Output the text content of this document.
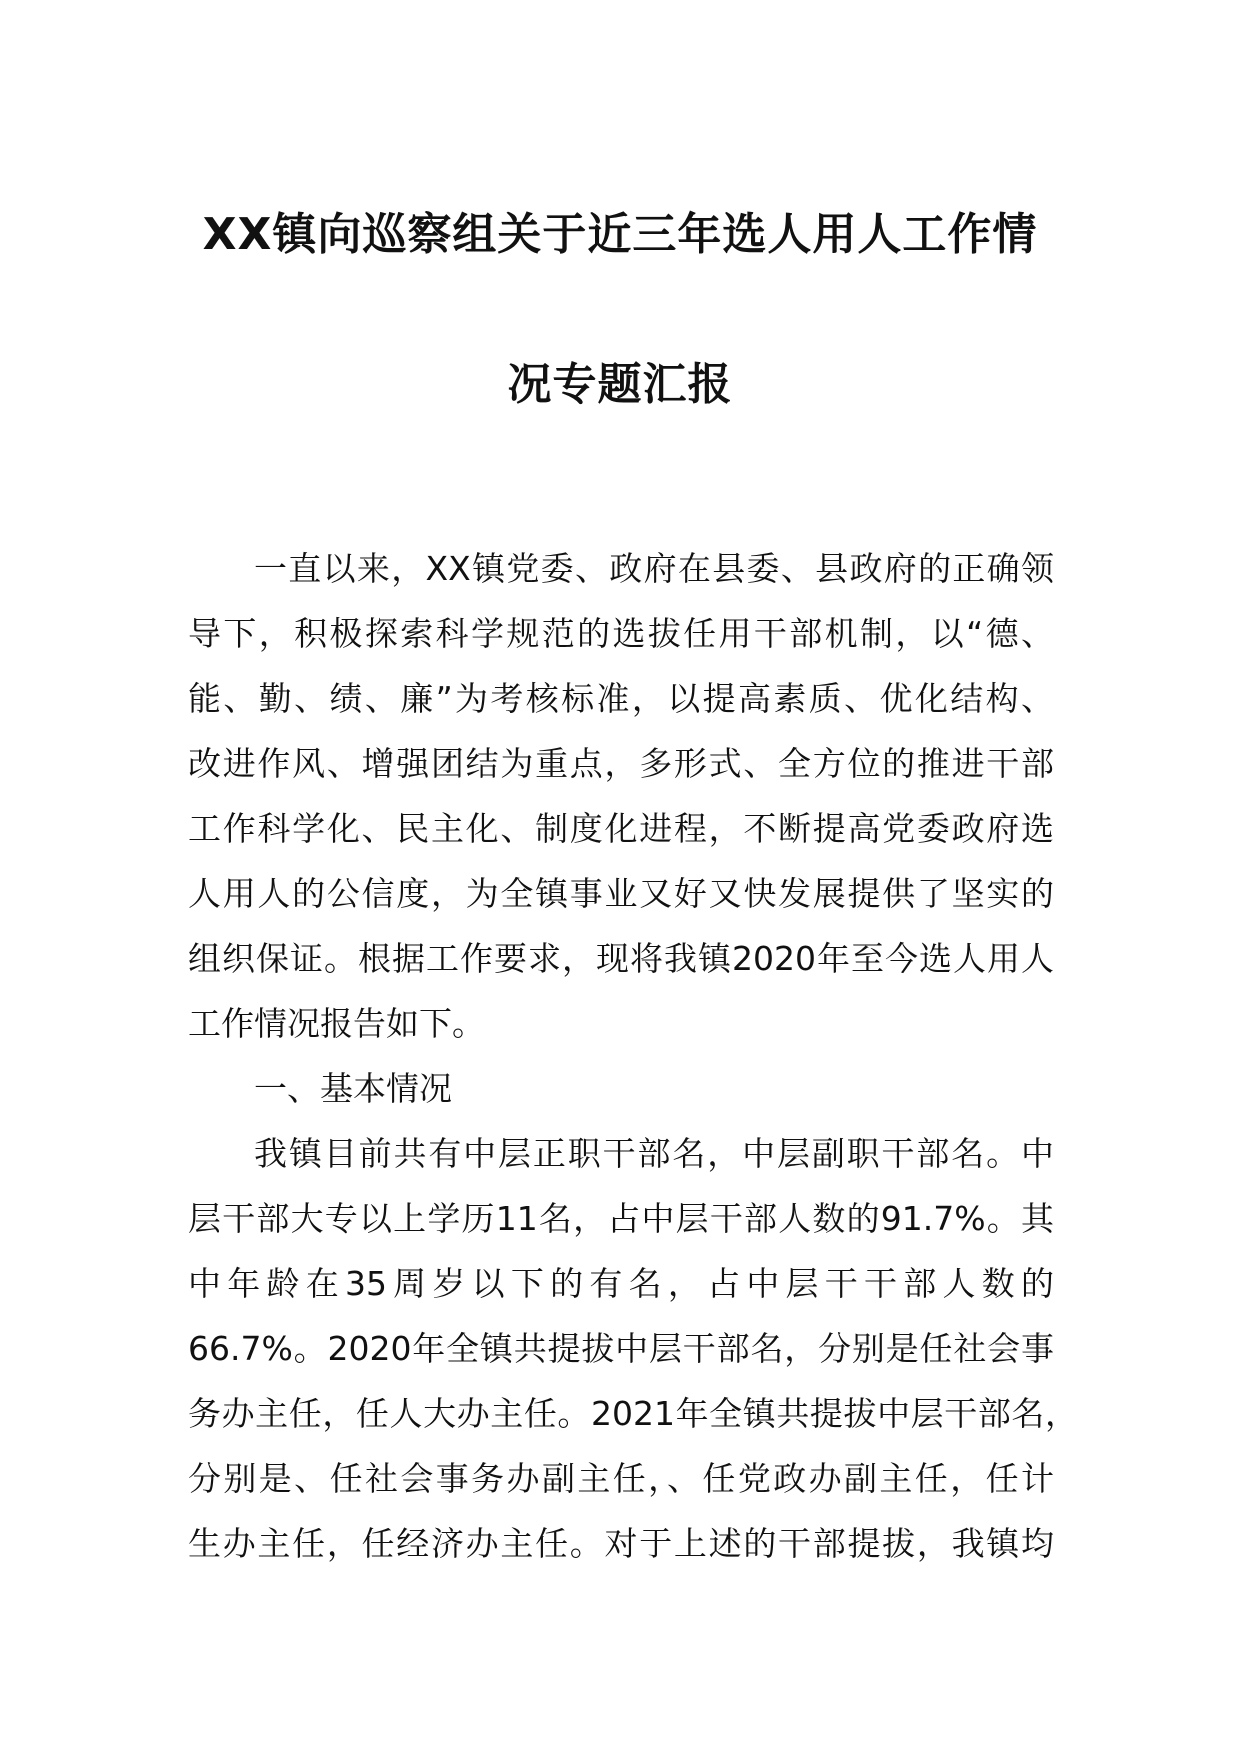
XX镇向巡察组关于近三年选人用人工作情
况专题汇报
一直以来，XX镇党委、政府在县委、县政府的正确领
导下，积极探索科学规范的选拔任用干部机制，以“德、
能、勤、绩、廉”为考核标准，以提高素质、优化结构、
改进作风、增强团结为重点，多形式、全方位的推进干部
工作科学化、民主化、制度化进程，不断提高党委政府选
人用人的公信度，为全镇事业又好又快发展提供了坚实的
组织保证。根据工作要求，现将我镇2020年至今选人用人
工作情况报告如下。
一、基本情况
我镇目前共有中层正职干部名，中层副职干部名。中
层干部大专以上学历11名，占中层干部人数的91.7%。其
中年龄在35周岁以下的有名，占中层干干部人数的
66.7%。2020年全镇共提拔中层干部名，分别是任社会事
务办主任，任人大办主任。2021年全镇共提拔中层干部名，
分别是、任社会事务办副主任，、任党政办副主任，任计
生办主任，任经济办主任。对于上述的干部提拔，我镇均
